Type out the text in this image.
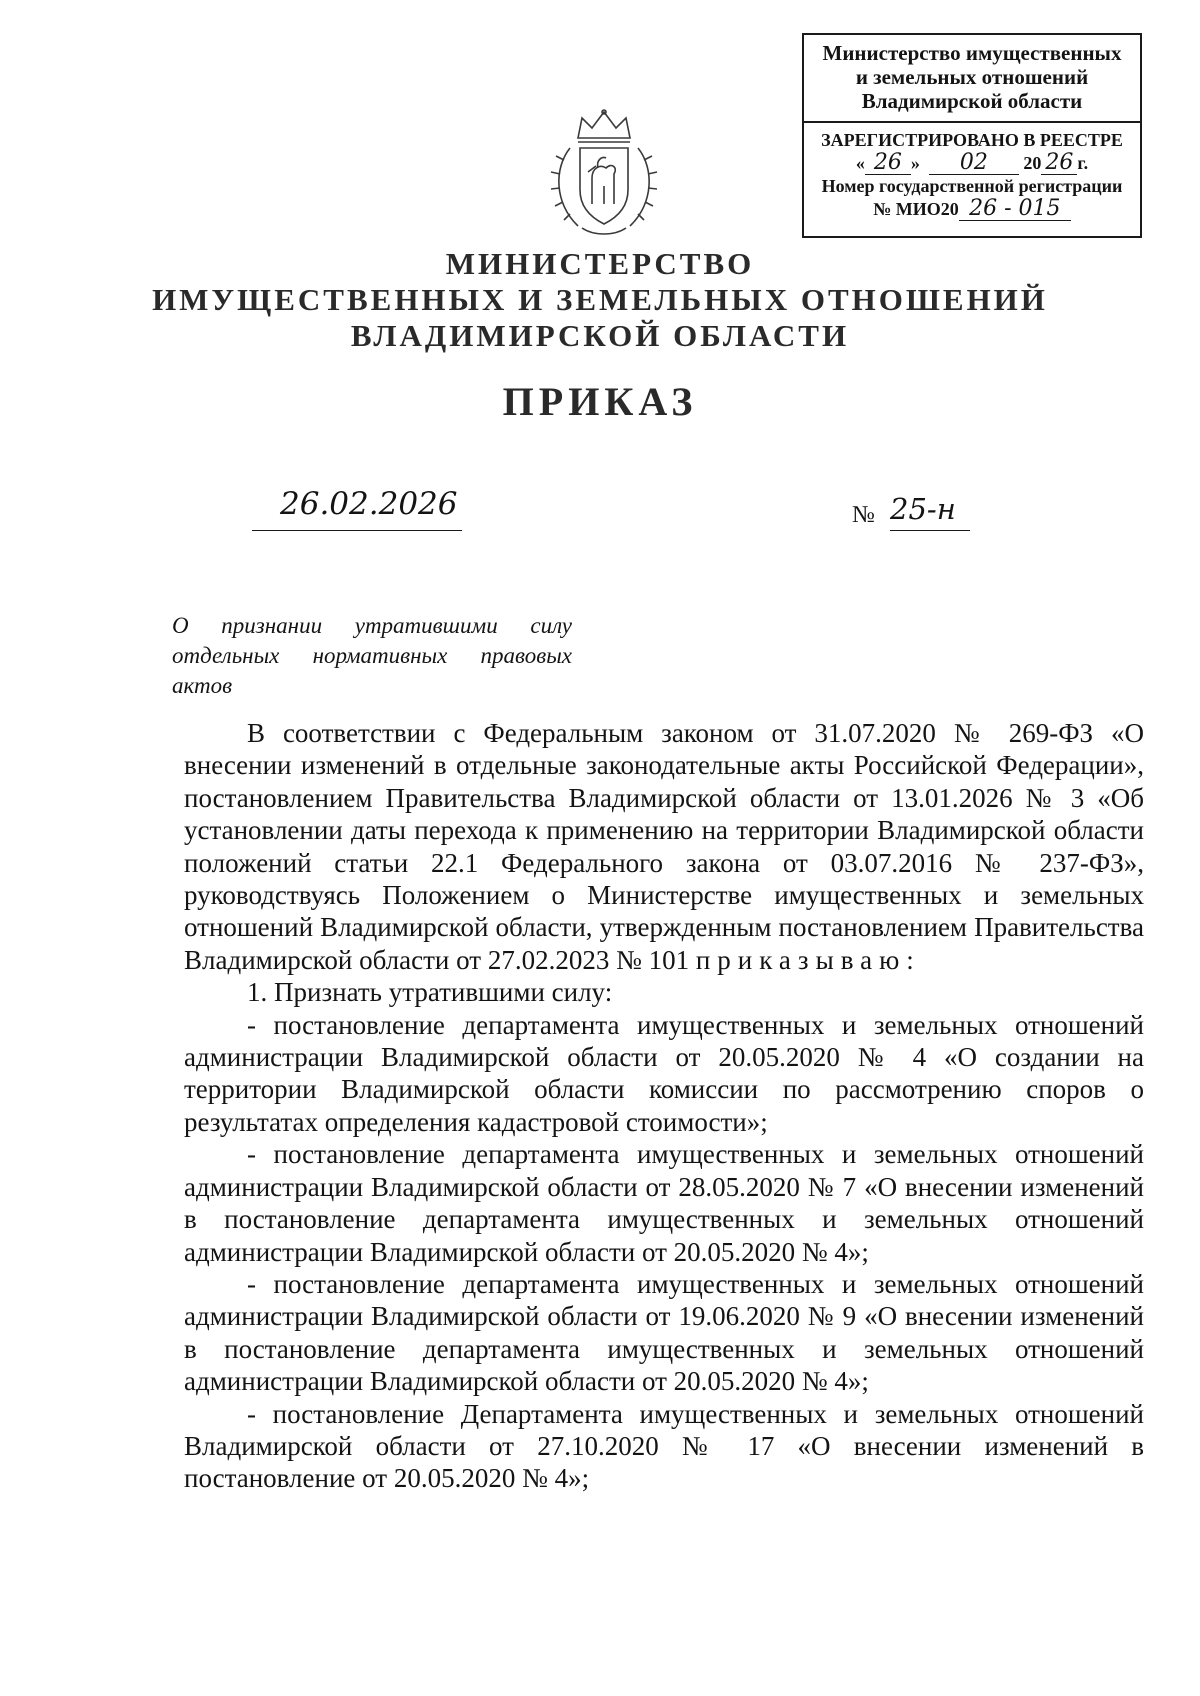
Министерство имущественных
и земельных отношений
Владимирской области
ЗАРЕГИСТРИРОВАНО В РЕЕСТРЕ
« 26 »  02 20 26 г.
Номер государственной регистрации
№ МИО20 26 - 015
МИНИСТЕРСТВО
ИМУЩЕСТВЕННЫХ И ЗЕМЕЛЬНЫХ ОТНОШЕНИЙ
ВЛАДИМИРСКОЙ ОБЛАСТИ
ПРИКАЗ
26.02.2026	№ 25-н
О признании утратившими силу отдельных нормативных правовых актов

В соответствии с Федеральным законом от 31.07.2020 № 269-ФЗ «О внесении изменений в отдельные законодательные акты Российской Федерации», постановлением Правительства Владимирской области от 13.01.2026 № 3 «Об установлении даты перехода к применению на территории Владимирской области положений статьи 22.1 Федерального закона от 03.07.2016 № 237-ФЗ», руководствуясь Положением о Министерстве имущественных и земельных отношений Владимирской области, утвержденным постановлением Правительства Владимирской области от 27.02.2023 № 101 приказываю:

1. Признать утратившими силу:

- постановление департамента имущественных и земельных отношений администрации Владимирской области от 20.05.2020 № 4 «О создании на территории Владимирской области комиссии по рассмотрению споров о результатах определения кадастровой стоимости»;

- постановление департамента имущественных и земельных отношений администрации Владимирской области от 28.05.2020 № 7 «О внесении изменений в постановление департамента имущественных и земельных отношений администрации Владимирской области от 20.05.2020 № 4»;

- постановление департамента имущественных и земельных отношений администрации Владимирской области от 19.06.2020 № 9 «О внесении изменений в постановление департамента имущественных и земельных отношений администрации Владимирской области от 20.05.2020 № 4»;

- постановление Департамента имущественных и земельных отношений Владимирской области от 27.10.2020 № 17 «О внесении изменений в постановление от 20.05.2020 № 4»;
